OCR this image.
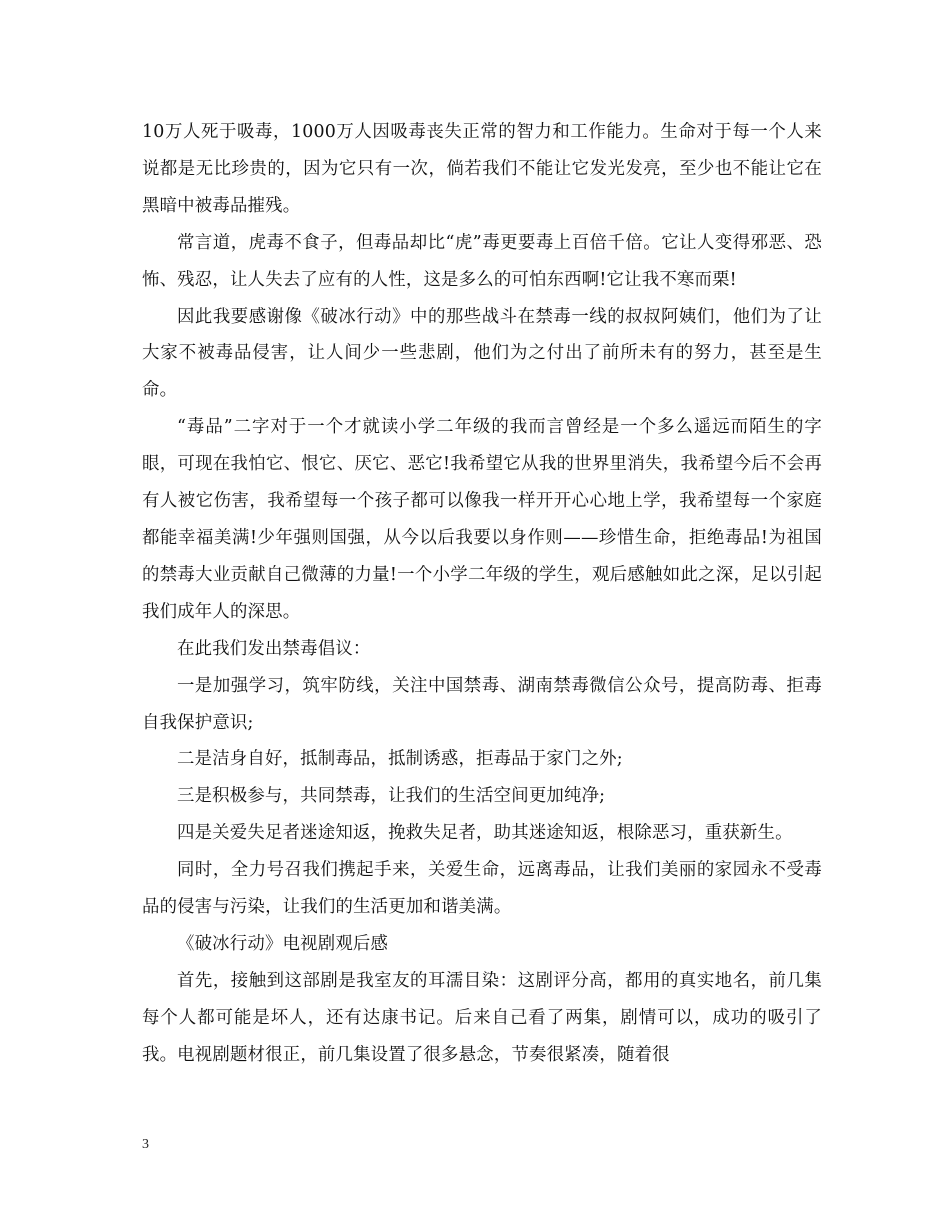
10万人死于吸毒，1000万人因吸毒丧失正常的智力和工作能力。生命对于每一个人来说都是无比珍贵的，因为它只有一次，倘若我们不能让它发光发亮，至少也不能让它在黑暗中被毒品摧残。

常言道，虎毒不食子，但毒品却比“虎”毒更要毒上百倍千倍。它让人变得邪恶、恐怖、残忍，让人失去了应有的人性，这是多么的可怕东西啊!它让我不寒而栗!

因此我要感谢像《破冰行动》中的那些战斗在禁毒一线的叔叔阿姨们，他们为了让大家不被毒品侵害，让人间少一些悲剧，他们为之付出了前所未有的努力，甚至是生命。

“毒品”二字对于一个才就读小学二年级的我而言曾经是一个多么遥远而陌生的字眼，可现在我怕它、恨它、厌它、恶它!我希望它从我的世界里消失，我希望今后不会再有人被它伤害，我希望每一个孩子都可以像我一样开开心心地上学，我希望每一个家庭都能幸福美满!少年强则国强，从今以后我要以身作则——珍惜生命，拒绝毒品!为祖国的禁毒大业贡献自己微薄的力量!一个小学二年级的学生，观后感触如此之深，足以引起我们成年人的深思。

在此我们发出禁毒倡议：

一是加强学习，筑牢防线，关注中国禁毒、湖南禁毒微信公众号，提高防毒、拒毒自我保护意识;

二是洁身自好，抵制毒品，抵制诱惑，拒毒品于家门之外;

三是积极参与，共同禁毒，让我们的生活空间更加纯净;

四是关爱失足者迷途知返，挽救失足者，助其迷途知返，根除恶习，重获新生。

同时，全力号召我们携起手来，关爱生命，远离毒品，让我们美丽的家园永不受毒品的侵害与污染，让我们的生活更加和谐美满。

《破冰行动》电视剧观后感

首先，接触到这部剧是我室友的耳濡目染：这剧评分高，都用的真实地名，前几集每个人都可能是坏人，还有达康书记。后来自己看了两集，剧情可以，成功的吸引了我。电视剧题材很正，前几集设置了很多悬念，节奏很紧凑，随着很

3
